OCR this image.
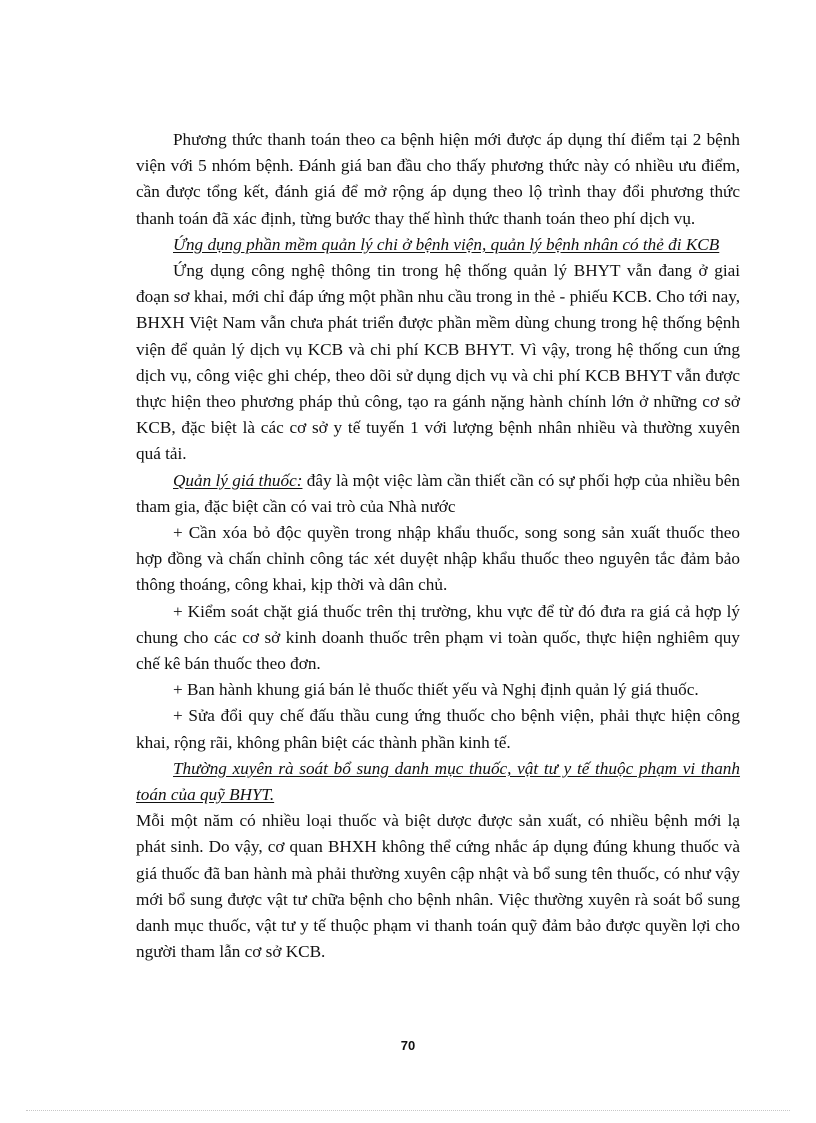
Phương thức thanh toán theo ca bệnh hiện mới được áp dụng thí điểm tại 2 bệnh viện với 5 nhóm bệnh. Đánh giá ban đầu cho thấy phương thức này có nhiều ưu điểm, cần được tổng kết, đánh giá để mở rộng áp dụng theo lộ trình thay đổi phương thức thanh toán đã xác định, từng bước thay thế hình thức thanh toán theo phí dịch vụ.

Ứng dụng phần mềm quản lý chi ở bệnh viện, quản lý bệnh nhân có thẻ đi KCB

Ứng dụng công nghệ thông tin trong hệ thống quản lý BHYT vẫn đang ở giai đoạn sơ khai, mới chỉ đáp ứng một phần nhu cầu trong in thẻ - phiếu KCB. Cho tới nay, BHXH Việt Nam vẫn chưa phát triển được phần mềm dùng chung trong hệ thống bệnh viện để quản lý dịch vụ KCB và chi phí KCB BHYT. Vì vậy, trong hệ thống cun ứng dịch vụ, công việc ghi chép, theo dõi sử dụng dịch vụ và chi phí KCB BHYT vẫn được thực hiện theo phương pháp thủ công, tạo ra gánh nặng hành chính lớn ở những cơ sở KCB, đặc biệt là các cơ sở y tế tuyến 1 với lượng bệnh nhân nhiều và thường xuyên quá tải.

Quản lý giá thuốc: đây là một việc làm cần thiết cần có sự phối hợp của nhiều bên tham gia, đặc biệt cần có vai trò của Nhà nước

+ Cần xóa bỏ độc quyền trong nhập khẩu thuốc, song song sản xuất thuốc theo hợp đồng và chấn chỉnh công tác xét duyệt nhập khẩu thuốc theo nguyên tắc đảm bảo thông thoáng, công khai, kịp thời và dân chủ.

+ Kiểm soát chặt giá thuốc trên thị trường, khu vực để từ đó đưa ra giá cả hợp lý chung cho các cơ sở kinh doanh thuốc trên phạm vi toàn quốc, thực hiện nghiêm quy chế kê bán thuốc theo đơn.

+ Ban hành khung giá bán lẻ thuốc thiết yếu và Nghị định quản lý giá thuốc.

+ Sửa đổi quy chế đấu thầu cung ứng thuốc cho bệnh viện, phải thực hiện công khai, rộng rãi, không phân biệt các thành phần kinh tế.

Thường xuyên rà soát bổ sung danh mục thuốc, vật tư y tế thuộc phạm vi thanh toán của quỹ BHYT.

Mỗi một năm có nhiều loại thuốc và biệt dược được sản xuất, có nhiều bệnh mới lạ phát sinh. Do vậy, cơ quan BHXH không thể cứng nhắc áp dụng đúng khung thuốc và giá thuốc đã ban hành mà phải thường xuyên cập nhật và bổ sung tên thuốc, có như vậy mới bổ sung được vật tư chữa bệnh cho bệnh nhân. Việc thường xuyên rà soát bổ sung danh mục thuốc, vật tư y tế thuộc phạm vi thanh toán quỹ đảm bảo được quyền lợi cho người tham lẫn cơ sở KCB.

70
